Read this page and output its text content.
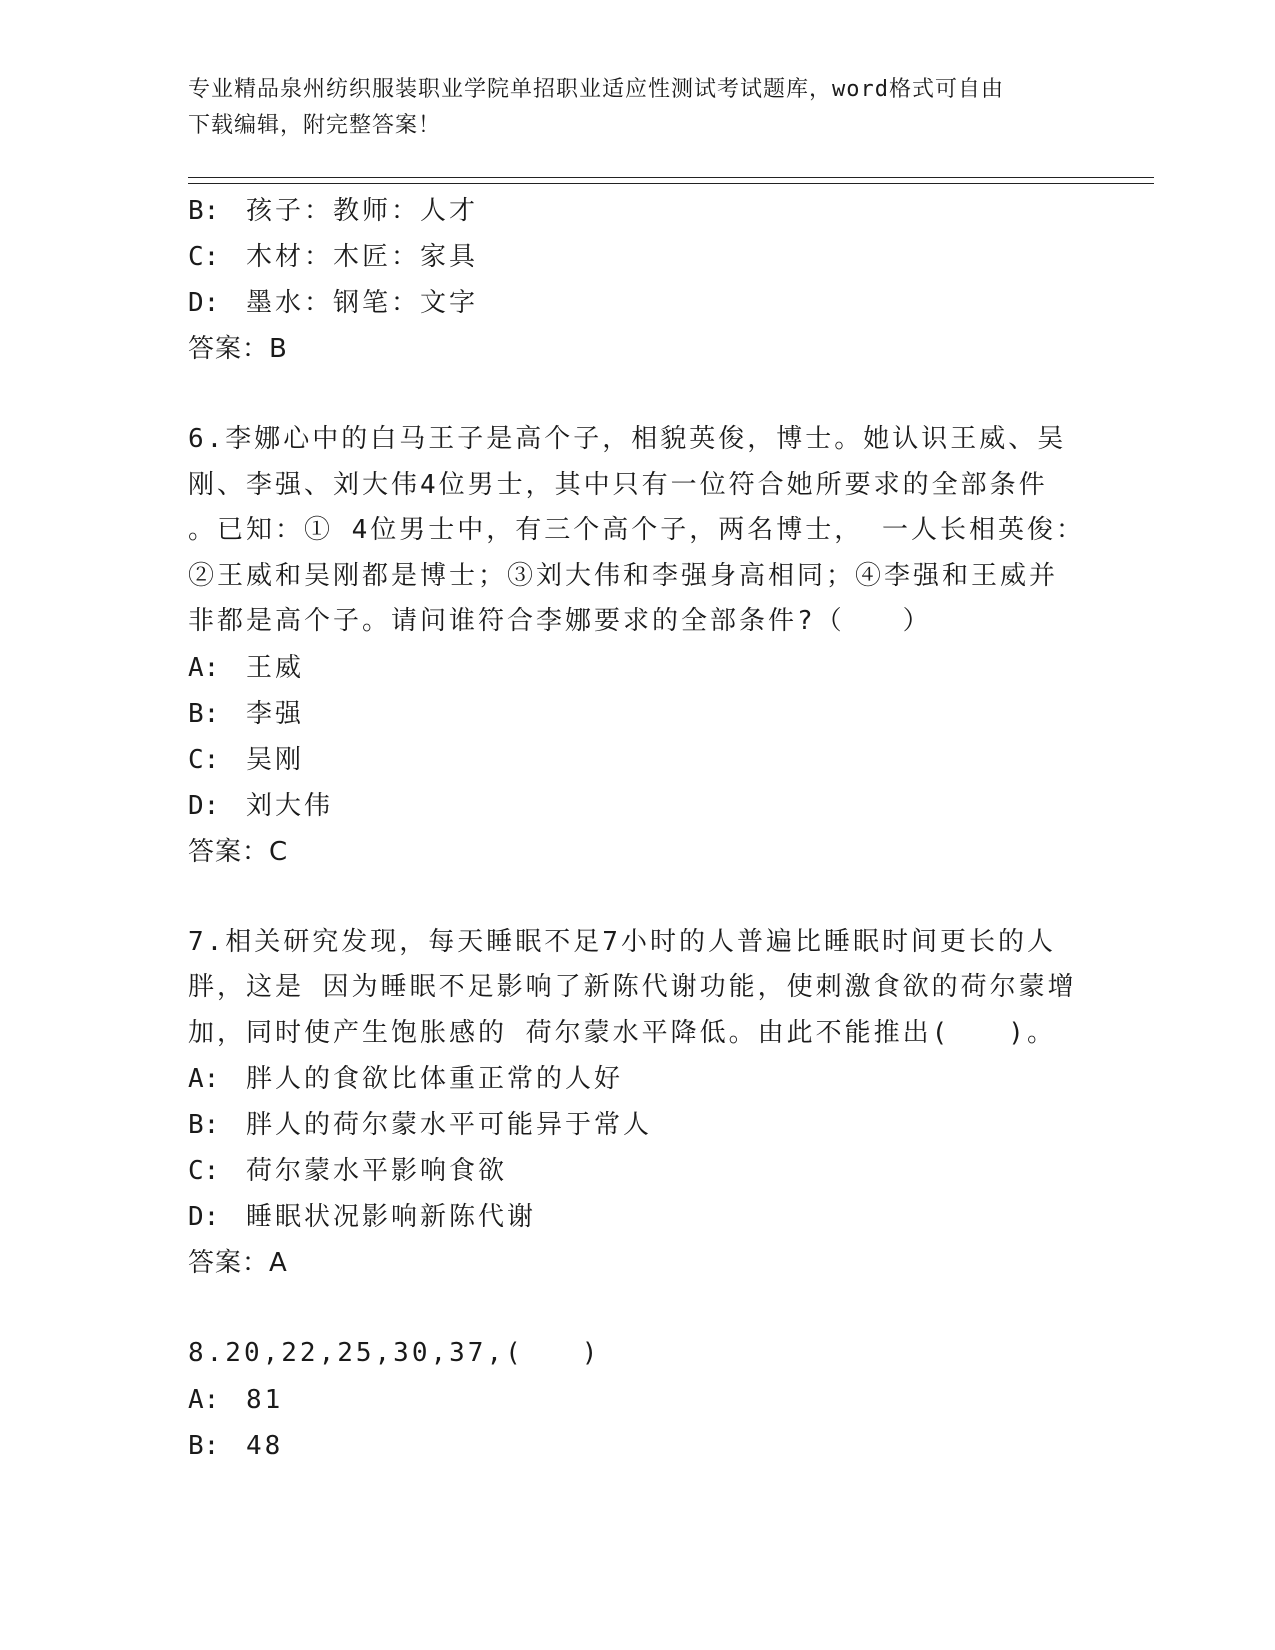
专业精品泉州纺织服装职业学院单招职业适应性测试考试题库，word格式可自由
下载编辑，附完整答案！
B: 孩子：教师：人才
C: 木材：木匠：家具
D: 墨水：钢笔：文字
答案：B
6.李娜心中的白马王子是高个子，相貌英俊，博士。她认识王威、吴
刚、李强、刘大伟4位男士，其中只有一位符合她所要求的全部条件
。已知：① 4位男士中，有三个高个子，两名博士， 一人长相英俊：
②王威和吴刚都是博士；③刘大伟和李强身高相同；④李强和王威并
非都是高个子。请问谁符合李娜要求的全部条件?（　　）
A: 王威
B: 李强
C: 吴刚
D: 刘大伟
答案：C
7.相关研究发现，每天睡眠不足7小时的人普遍比睡眠时间更长的人
胖，这是 因为睡眠不足影响了新陈代谢功能，使刺激食欲的荷尔蒙增
加，同时使产生饱胀感的 荷尔蒙水平降低。由此不能推出(　　)。
A: 胖人的食欲比体重正常的人好
B: 胖人的荷尔蒙水平可能异于常人
C: 荷尔蒙水平影响食欲
D: 睡眠状况影响新陈代谢
答案：A
8.20,22,25,30,37,(　　)
A: 81
B: 48
